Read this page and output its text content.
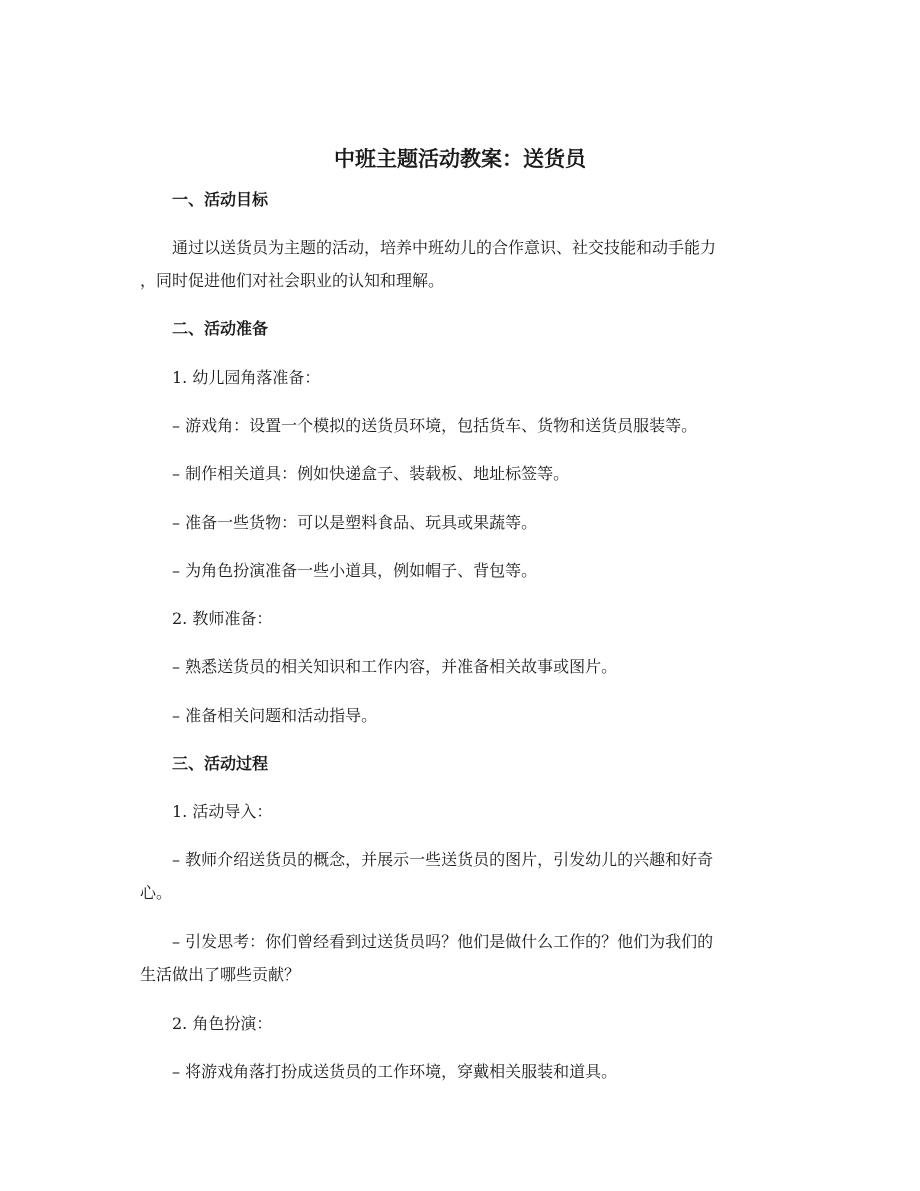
中班主题活动教案：送货员
一、活动目标
通过以送货员为主题的活动，培养中班幼儿的合作意识、社交技能和动手能力
，同时促进他们对社会职业的认知和理解。
二、活动准备
1. 幼儿园角落准备：
– 游戏角：设置一个模拟的送货员环境，包括货车、货物和送货员服装等。
– 制作相关道具：例如快递盒子、装载板、地址标签等。
– 准备一些货物：可以是塑料食品、玩具或果蔬等。
– 为角色扮演准备一些小道具，例如帽子、背包等。
2. 教师准备：
– 熟悉送货员的相关知识和工作内容，并准备相关故事或图片。
– 准备相关问题和活动指导。
三、活动过程
1. 活动导入：
– 教师介绍送货员的概念，并展示一些送货员的图片，引发幼儿的兴趣和好奇
心。
– 引发思考：你们曾经看到过送货员吗？他们是做什么工作的？他们为我们的
生活做出了哪些贡献？
2. 角色扮演：
– 将游戏角落打扮成送货员的工作环境，穿戴相关服装和道具。
